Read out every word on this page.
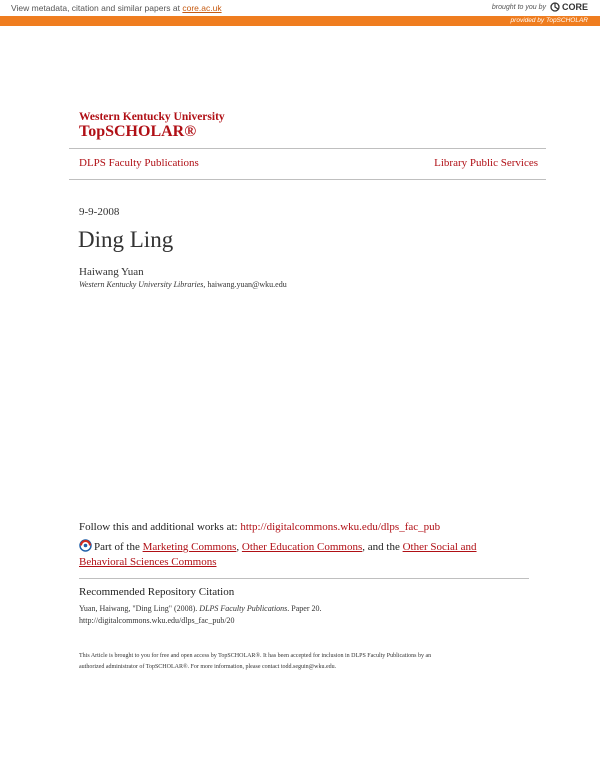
View metadata, citation and similar papers at core.ac.uk	brought to you by CORE
provided by TopSCHOLAR
Western Kentucky University
TopSCHOLAR®
DLPS Faculty Publications	Library Public Services
9-9-2008
Ding Ling
Haiwang Yuan
Western Kentucky University Libraries, haiwang.yuan@wku.edu
Follow this and additional works at: http://digitalcommons.wku.edu/dlps_fac_pub
Part of the Marketing Commons, Other Education Commons, and the Other Social and Behavioral Sciences Commons
Recommended Repository Citation
Yuan, Haiwang, "Ding Ling" (2008). DLPS Faculty Publications. Paper 20.
http://digitalcommons.wku.edu/dlps_fac_pub/20
This Article is brought to you for free and open access by TopSCHOLAR®. It has been accepted for inclusion in DLPS Faculty Publications by an
authorized administrator of TopSCHOLAR®. For more information, please contact todd.seguin@wku.edu.
